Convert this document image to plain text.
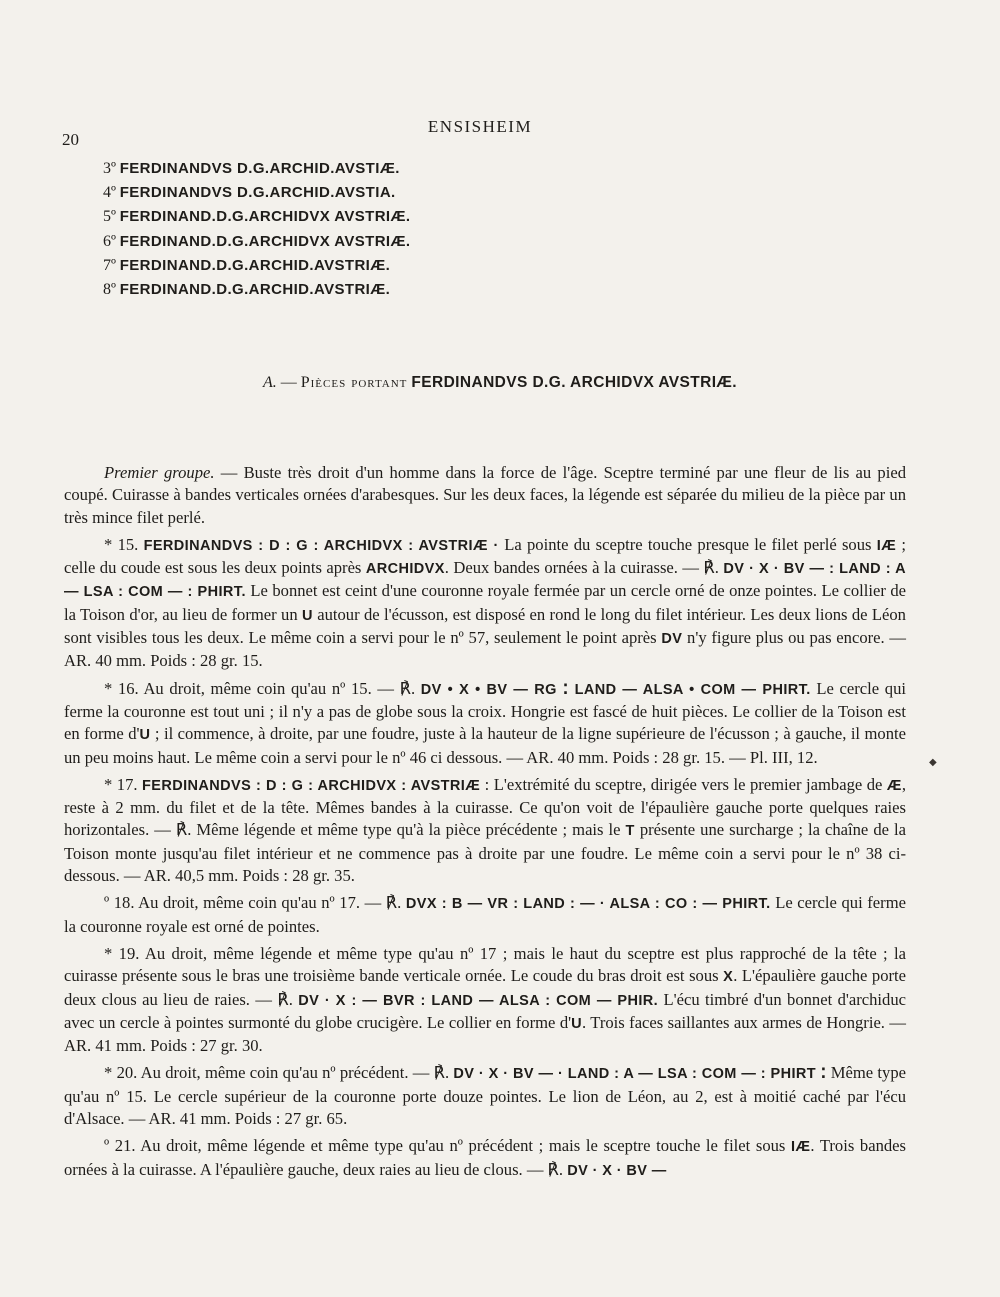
20
ENSISHEIM
3º FERDINANDVS D.G.ARCHID.AVSTIÆ.
4º FERDINANDVS D.G.ARCHID.AVSTIA.
5º FERDINAND.D.G.ARCHIDVX AVSTRIÆ.
6º FERDINAND.D.G.ARCHIDVX AVSTRIÆ.
7º FERDINAND.D.G.ARCHID.AVSTRIÆ.
8º FERDINAND.D.G.ARCHID.AVSTRIÆ.
A. — Pièces portant FERDINANDVS D.G. ARCHIDVX AVSTRIÆ.

Premier groupe. — Buste très droit d'un homme dans la force de l'âge. Sceptre terminé par une fleur de lis au pied coupé. Cuirasse à bandes verticales ornées d'arabesques. Sur les deux faces, la légende est séparée du milieu de la pièce par un très mince filet perlé.

* 15. FERDINANDVS : D : G : ARCHIDVX : AVSTRIÆ · La pointe du sceptre touche presque le filet perlé sous IÆ ; celle du coude est sous les deux points après ARCHIDVX. Deux bandes ornées à la cuirasse. — ℟. DV · X · BV — : LAND : A — LSA : COM — : PHIRT. Le bonnet est ceint d'une couronne royale fermée par un cercle orné de onze pointes. Le collier de la Toison d'or, au lieu de former un U autour de l'écusson, est disposé en rond le long du filet intérieur. Les deux lions de Léon sont visibles tous les deux. Le même coin a servi pour le nº 57, seulement le point après DV n'y figure plus ou pas encore. — AR. 40 mm. Poids : 28 gr. 15.

* 16. Au droit, même coin qu'au nº 15. — ℟. DV • X • BV — RG ⁚ LAND — ALSA • COM — PHIRT. Le cercle qui ferme la couronne est tout uni ; il n'y a pas de globe sous la croix. Hongrie est fascé de huit pièces. Le collier de la Toison est en forme d'U ; il commence, à droite, par une foudre, juste à la hauteur de la ligne supérieure de l'écusson ; à gauche, il monte un peu moins haut. Le même coin a servi pour le nº 46 ci dessous. — AR. 40 mm. Poids : 28 gr. 15. — Pl. III, 12.

* 17. FERDINANDVS : D : G : ARCHIDVX : AVSTRIÆ : L'extrémité du sceptre, dirigée vers le premier jambage de Æ, reste à 2 mm. du filet et de la tête. Mêmes bandes à la cuirasse. Ce qu'on voit de l'épaulière gauche porte quelques raies horizontales. — ℟. Même légende et même type qu'à la pièce précédente ; mais le T présente une surcharge ; la chaîne de la Toison monte jusqu'au filet intérieur et ne commence pas à droite par une foudre. Le même coin a servi pour le nº 38 ci-dessous. — AR. 40,5 mm. Poids : 28 gr. 35.

º 18. Au droit, même coin qu'au nº 17. — ℟. DVX : B — VR : LAND : — · ALSA : CO : — PHIRT. Le cercle qui ferme la couronne royale est orné de pointes.

* 19. Au droit, même légende et même type qu'au nº 17 ; mais le haut du sceptre est plus rapproché de la tête ; la cuirasse présente sous le bras une troisième bande verticale ornée. Le coude du bras droit est sous X. L'épaulière gauche porte deux clous au lieu de raies. — ℟. DV · X : — BVR : LAND — ALSA : COM — PHIR. L'écu timbré d'un bonnet d'archiduc avec un cercle à pointes surmonté du globe crucigère. Le collier en forme d'U. Trois faces saillantes aux armes de Hongrie. — AR. 41 mm. Poids : 27 gr. 30.

* 20. Au droit, même coin qu'au nº précédent. — ℟. DV · X · BV — · LAND : A — LSA : COM — : PHIRT ⁚ Même type qu'au nº 15. Le cercle supérieur de la couronne porte douze pointes. Le lion de Léon, au 2, est à moitié caché par l'écu d'Alsace. — AR. 41 mm. Poids : 27 gr. 65.

º 21. Au droit, même légende et même type qu'au nº précédent ; mais le sceptre touche le filet sous IÆ. Trois bandes ornées à la cuirasse. A l'épaulière gauche, deux raies au lieu de clous. — ℟. DV · X · BV —

◆
